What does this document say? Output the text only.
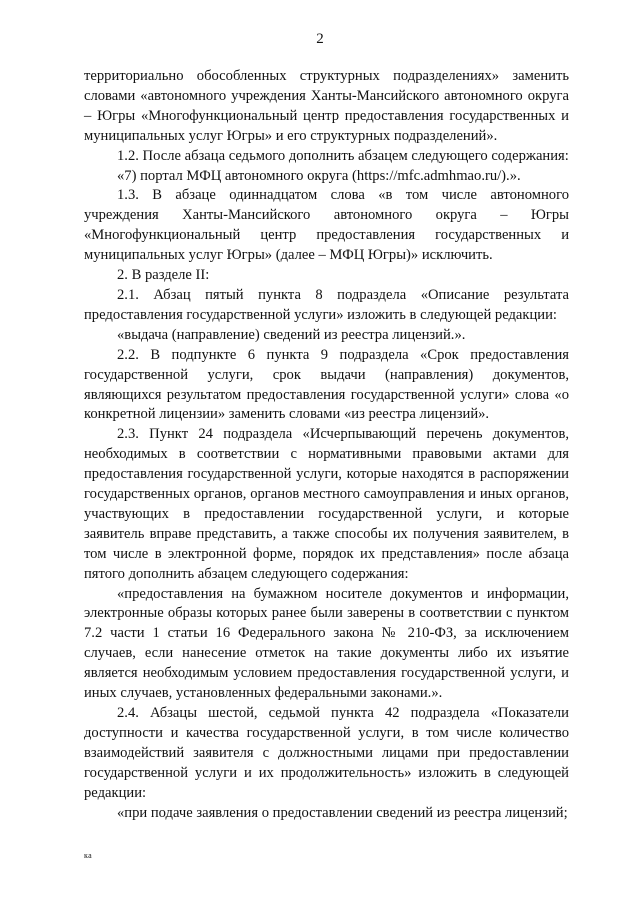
2

территориально обособленных структурных подразделениях» заменить словами «автономного учреждения Ханты-Мансийского автономного округа – Югры «Многофункциональный центр предоставления государственных и муниципальных услуг Югры» и его структурных подразделений».

1.2. После абзаца седьмого дополнить абзацем следующего содержания:

«7) портал МФЦ автономного округа (https://mfc.admhmao.ru/).».

1.3. В абзаце одиннадцатом слова «в том числе автономного учреждения Ханты-Мансийского автономного округа – Югры «Многофункциональный центр предоставления государственных и муниципальных услуг Югры» (далее – МФЦ Югры)» исключить.

2. В разделе II:

2.1. Абзац пятый пункта 8 подраздела «Описание результата предоставления государственной услуги» изложить в следующей редакции:

«выдача (направление) сведений из реестра лицензий.».

2.2. В подпункте 6 пункта 9 подраздела «Срок предоставления государственной услуги, срок выдачи (направления) документов, являющихся результатом предоставления государственной услуги» слова «о конкретной лицензии» заменить словами «из реестра лицензий».

2.3. Пункт 24 подраздела «Исчерпывающий перечень документов, необходимых в соответствии с нормативными правовыми актами для предоставления государственной услуги, которые находятся в распоряжении государственных органов, органов местного самоуправления и иных органов, участвующих в предоставлении государственной услуги, и которые заявитель вправе представить, а также способы их получения заявителем, в том числе в электронной форме, порядок их представления» после абзаца пятого дополнить абзацем следующего содержания:

«предоставления на бумажном носителе документов и информации, электронные образы которых ранее были заверены в соответствии с пунктом 7.2 части 1 статьи 16 Федерального закона № 210-ФЗ, за исключением случаев, если нанесение отметок на такие документы либо их изъятие является необходимым условием предоставления государственной услуги, и иных случаев, установленных федеральными законами.».

2.4. Абзацы шестой, седьмой пункта 42 подраздела «Показатели доступности и качества государственной услуги, в том числе количество взаимодействий заявителя с должностными лицами при предоставлении государственной услуги и их продолжительность» изложить в следующей редакции:

«при подаче заявления о предоставлении сведений из реестра лицензий;

ка
